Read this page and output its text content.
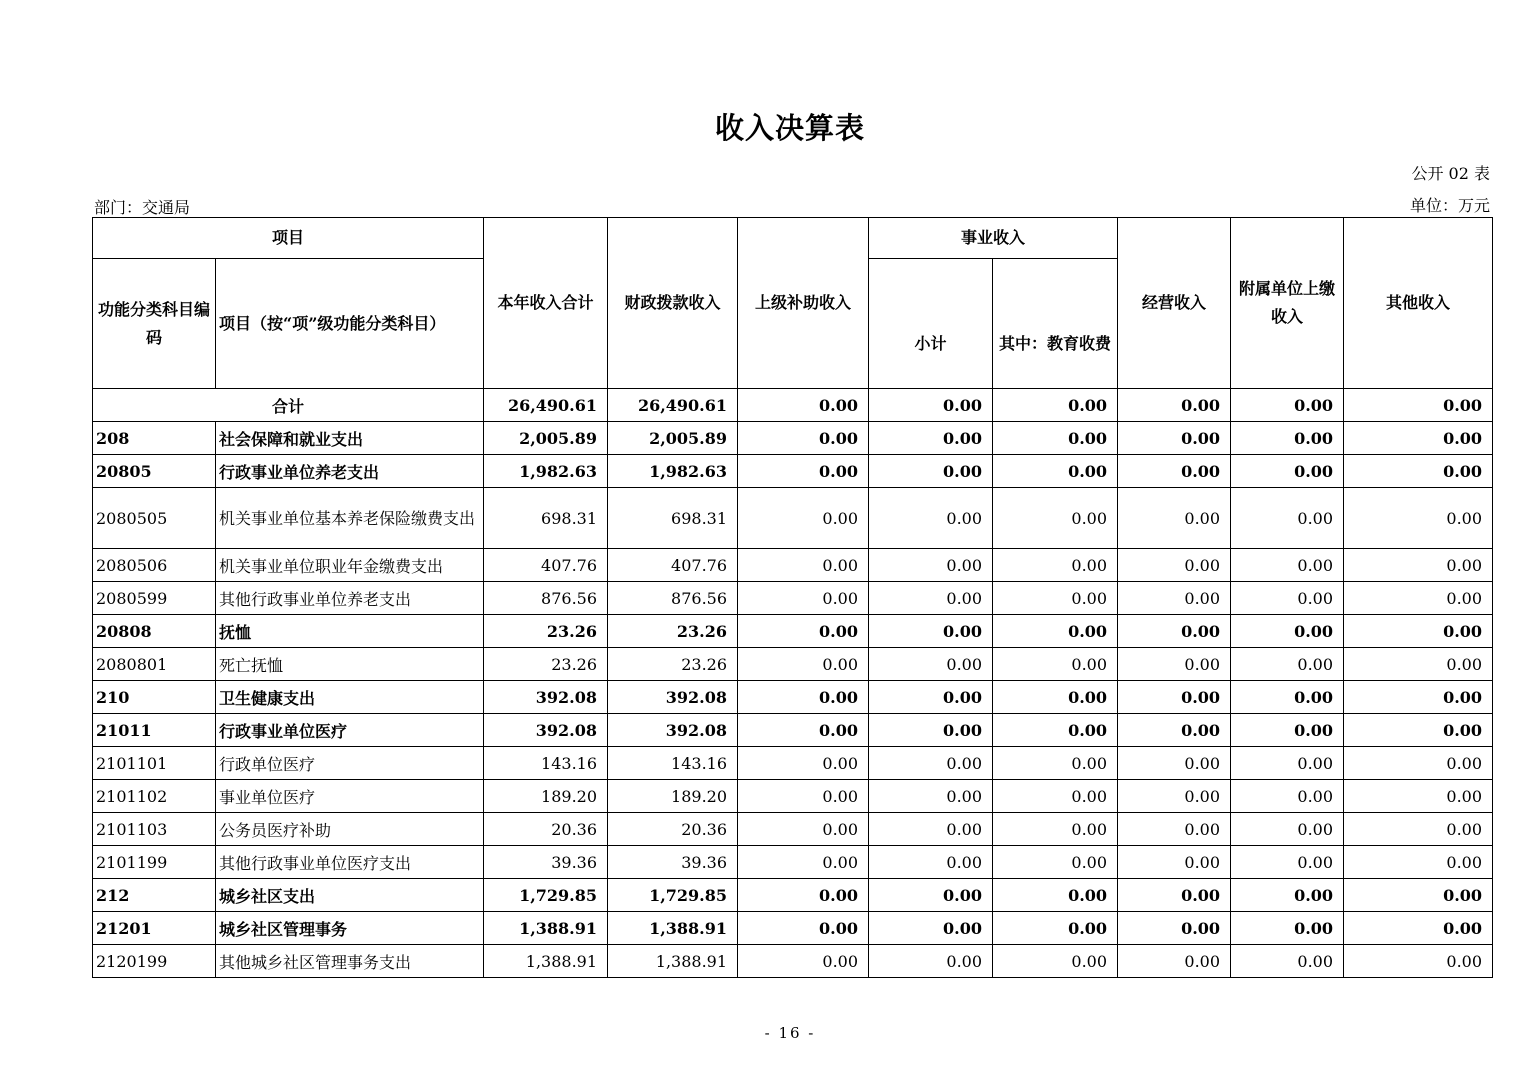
收入决算表
公开 02 表
部门：交通局	单位：万元
项目		本年收入合计	财政拨款收入	上级补助收入	事业收入		经营收入	附属单位上缴收入	其他收入
功能分类科目编码	项目（按“项”级功能分类科目）				小计	其中：教育收费			
合计		26,490.61	26,490.61	0.00	0.00	0.00	0.00	0.00	0.00
208	社会保障和就业支出	2,005.89	2,005.89	0.00	0.00	0.00	0.00	0.00	0.00
20805	行政事业单位养老支出	1,982.63	1,982.63	0.00	0.00	0.00	0.00	0.00	0.00
2080505	机关事业单位基本养老保险缴费支出	698.31	698.31	0.00	0.00	0.00	0.00	0.00	0.00
2080506	机关事业单位职业年金缴费支出	407.76	407.76	0.00	0.00	0.00	0.00	0.00	0.00
2080599	其他行政事业单位养老支出	876.56	876.56	0.00	0.00	0.00	0.00	0.00	0.00
20808	抚恤	23.26	23.26	0.00	0.00	0.00	0.00	0.00	0.00
2080801	死亡抚恤	23.26	23.26	0.00	0.00	0.00	0.00	0.00	0.00
210	卫生健康支出	392.08	392.08	0.00	0.00	0.00	0.00	0.00	0.00
21011	行政事业单位医疗	392.08	392.08	0.00	0.00	0.00	0.00	0.00	0.00
2101101	行政单位医疗	143.16	143.16	0.00	0.00	0.00	0.00	0.00	0.00
2101102	事业单位医疗	189.20	189.20	0.00	0.00	0.00	0.00	0.00	0.00
2101103	公务员医疗补助	20.36	20.36	0.00	0.00	0.00	0.00	0.00	0.00
2101199	其他行政事业单位医疗支出	39.36	39.36	0.00	0.00	0.00	0.00	0.00	0.00
212	城乡社区支出	1,729.85	1,729.85	0.00	0.00	0.00	0.00	0.00	0.00
21201	城乡社区管理事务	1,388.91	1,388.91	0.00	0.00	0.00	0.00	0.00	0.00
2120199	其他城乡社区管理事务支出	1,388.91	1,388.91	0.00	0.00	0.00	0.00	0.00	0.00
- 16 -
